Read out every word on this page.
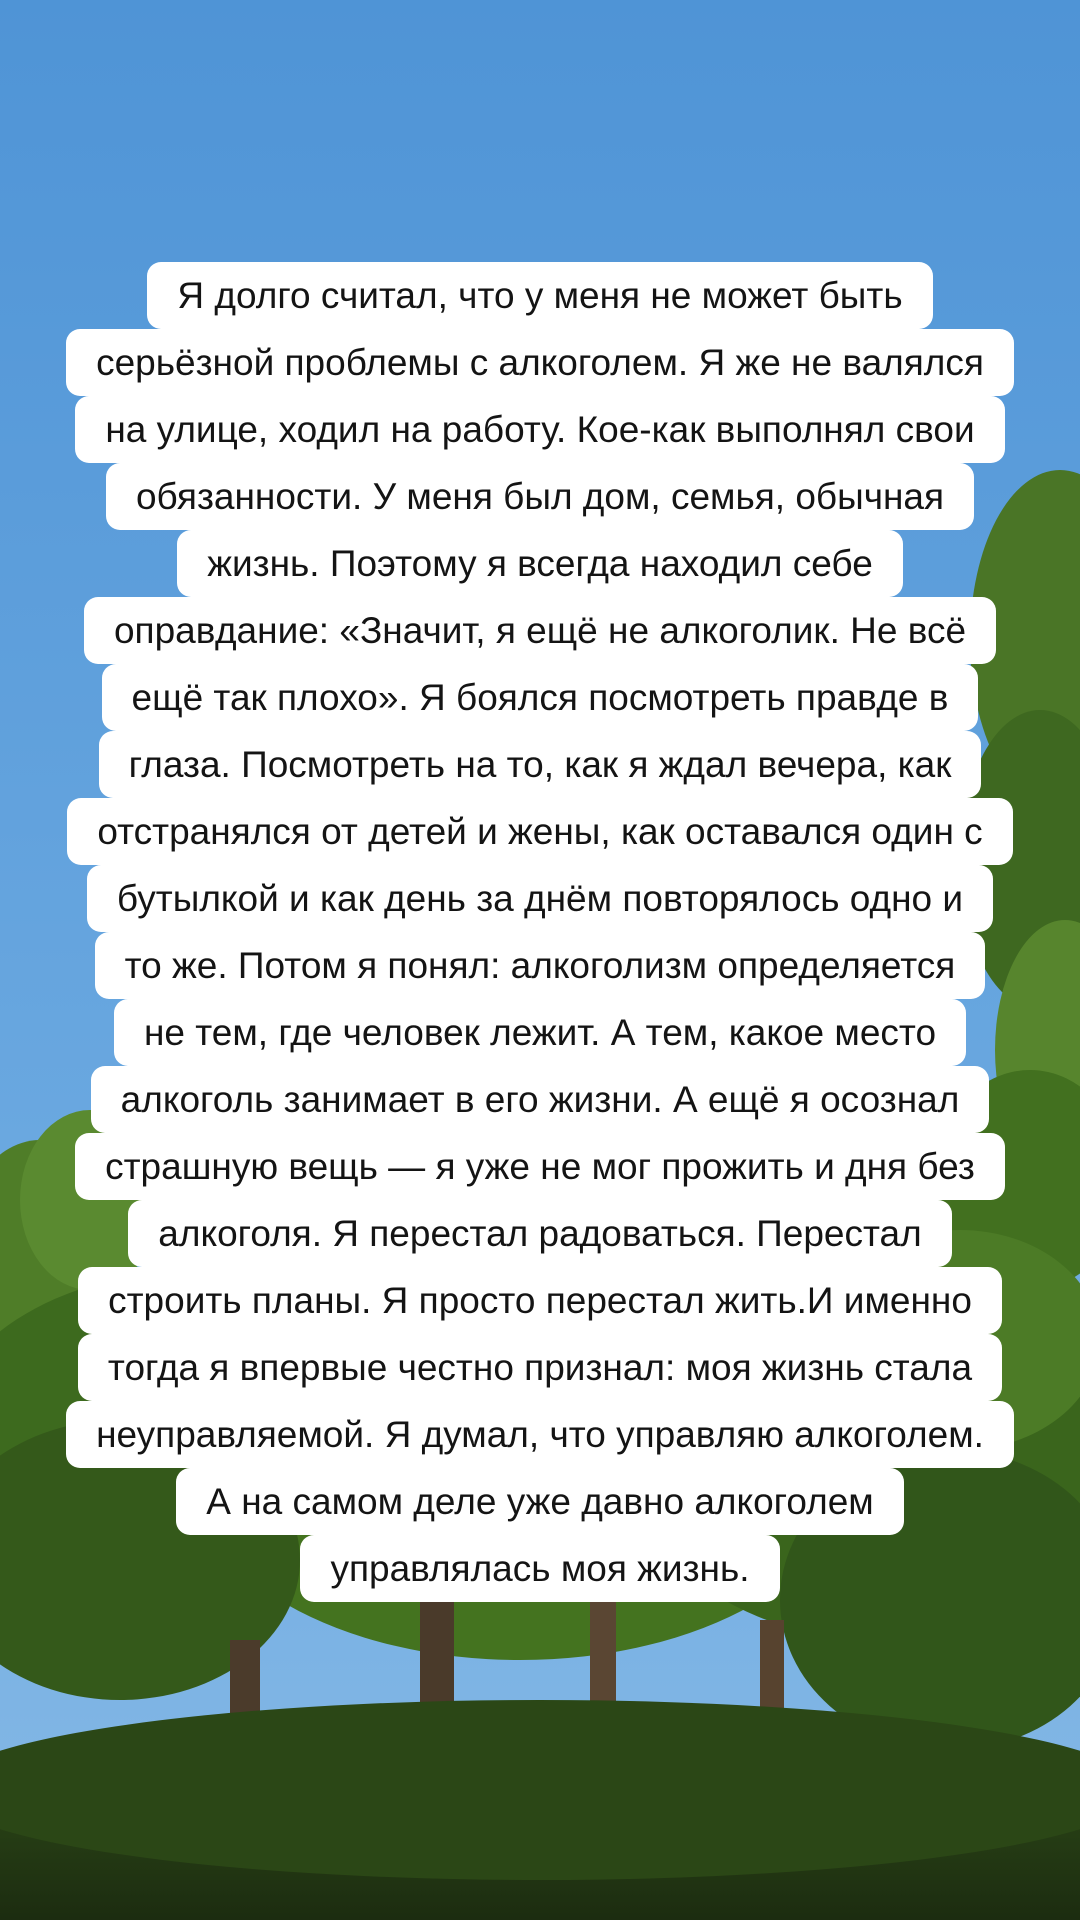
Я долго считал, что у меня не может быть
серьёзной проблемы с алкоголем. Я же не валялся
на улице, ходил на работу. Кое-как выполнял свои
обязанности. У меня был дом, семья, обычная
жизнь. Поэтому я всегда находил себе
оправдание: «Значит, я ещё не алкоголик. Не всё
ещё так плохо». Я боялся посмотреть правде в
глаза. Посмотреть на то, как я ждал вечера, как
отстранялся от детей и жены, как оставался один с
бутылкой и как день за днём повторялось одно и
то же. Потом я понял: алкоголизм определяется
не тем, где человек лежит. А тем, какое место
алкоголь занимает в его жизни. А ещё я осознал
страшную вещь — я уже не мог прожить и дня без
алкоголя. Я перестал радоваться. Перестал
строить планы. Я просто перестал жить.И именно
тогда я впервые честно признал: моя жизнь стала
неуправляемой. Я думал, что управляю алкоголем.
А на самом деле уже давно алкоголем
управлялась моя жизнь.
